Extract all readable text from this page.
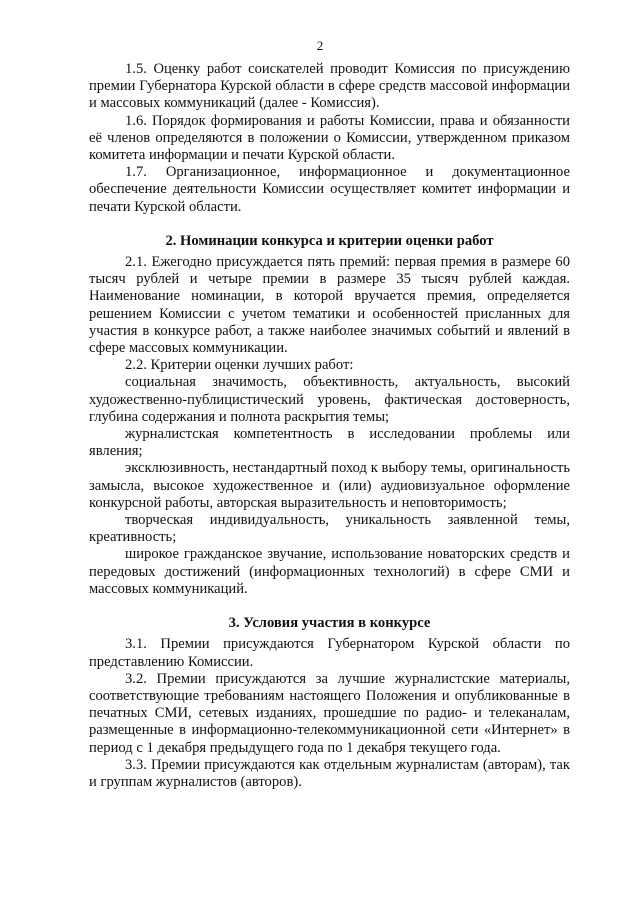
2

1.5. Оценку работ соискателей проводит Комиссия по присуждению премии Губернатора Курской области в сфере средств массовой информации и массовых коммуникаций (далее - Комиссия).

1.6. Порядок формирования и работы Комиссии, права и обязанности её членов определяются в положении о Комиссии, утвержденном приказом комитета информации и печати Курской области.

1.7. Организационное, информационное и документационное обеспечение деятельности Комиссии осуществляет комитет информации и печати Курской области.

2. Номинации конкурса и критерии оценки работ

2.1. Ежегодно присуждается пять премий: первая премия в размере 60 тысяч рублей и четыре премии в размере 35 тысяч рублей каждая. Наименование номинации, в которой вручается премия, определяется решением Комиссии с учетом тематики и особенностей присланных для участия в конкурсе работ, а также наиболее значимых событий и явлений в сфере массовых коммуникации.

2.2. Критерии оценки лучших работ:

социальная значимость, объективность, актуальность, высокий художественно-публицистический уровень, фактическая достоверность, глубина содержания и полнота раскрытия темы;

журналистская компетентность в исследовании проблемы или явления;

эксклюзивность, нестандартный поход к выбору темы, оригинальность замысла, высокое художественное и (или) аудиовизуальное оформление конкурсной работы, авторская выразительность и неповторимость;

творческая индивидуальность, уникальность заявленной темы, креативность;

широкое гражданское звучание, использование новаторских средств и передовых достижений (информационных технологий) в сфере СМИ и массовых коммуникаций.

3. Условия участия в конкурсе

3.1. Премии присуждаются Губернатором Курской области по представлению Комиссии.

3.2. Премии присуждаются за лучшие журналистские материалы, соответствующие требованиям настоящего Положения и опубликованные в печатных СМИ, сетевых изданиях, прошедшие по радио- и телеканалам, размещенные в информационно-телекоммуникационной сети «Интернет» в период с 1 декабря предыдущего года по 1 декабря текущего года.

3.3. Премии присуждаются как отдельным журналистам (авторам), так и группам журналистов (авторов).
